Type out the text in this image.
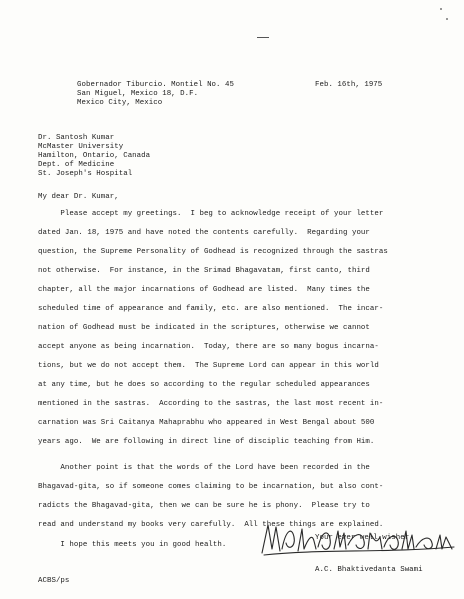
Gobernador Tiburcio. Montiel No. 45
San Miguel, Mexico 18, D.F.
Mexico City, Mexico
Feb. 16th, 1975
Dr. Santosh Kumar
McMaster University
Hamilton, Ontario, Canada
Dept. of Medicine
St. Joseph's Hospital
My dear Dr. Kumar,
Please accept my greetings.  I beg to acknowledge receipt of your letter
dated Jan. 18, 1975 and have noted the contents carefully.  Regarding your
question, the Supreme Personality of Godhead is recognized through the sastras
not otherwise.  For instance, in the Srimad Bhagavatam, first canto, third
chapter, all the major incarnations of Godhead are listed.  Many times the
scheduled time of appearance and family, etc. are also mentioned.  The incar-
nation of Godhead must be indicated in the scriptures, otherwise we cannot
accept anyone as being incarnation.  Today, there are so many bogus incarna-
tions, but we do not accept them.  The Supreme Lord can appear in this world
at any time, but he does so according to the regular scheduled appearances
mentioned in the sastras.  According to the sastras, the last most recent in-
carnation was Sri Caitanya Mahaprabhu who appeared in West Bengal about 500
years ago.  We are following in direct line of disciplic teaching from Him.
Another point is that the words of the Lord have been recorded in the
Bhagavad-gita, so if someone comes claiming to be incarnation, but also cont-
radicts the Bhagavad-gita, then we can be sure he is phony.  Please try to
read and understand my books very carefully.  All these things are explained.
I hope this meets you in good health.
Your ever well-wisher,
A.C. Bhaktivedanta Swami
ACBS/ps
